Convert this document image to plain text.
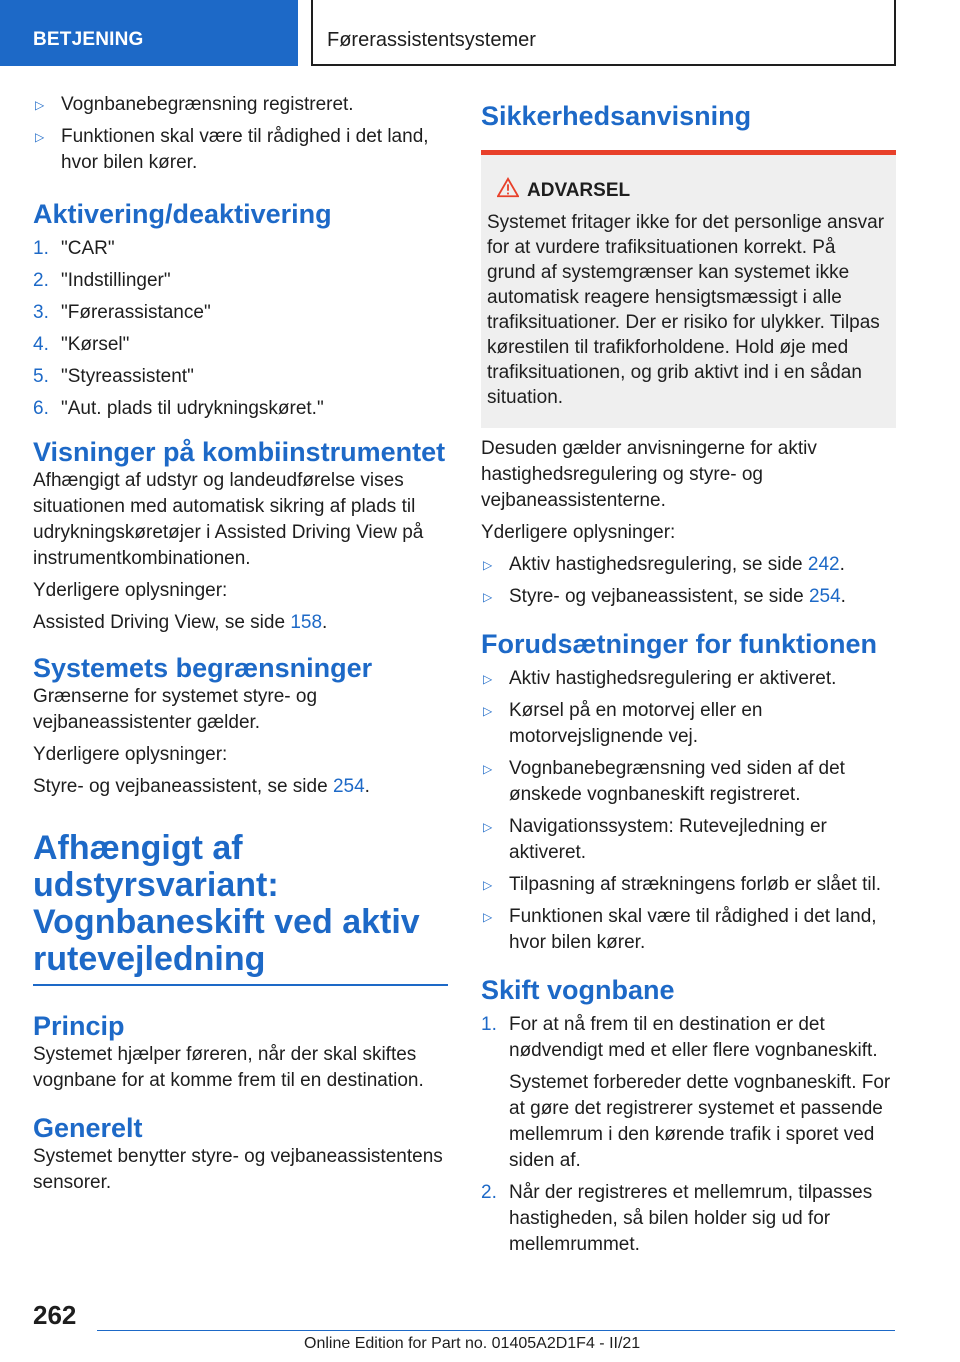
BETJENING	Førerassistentsystemer
▷ Vognbanebegrænsning registreret.
▷ Funktionen skal være til rådighed i det land, hvor bilen kører.
Aktivering/deaktivering
1. "CAR"
2. "Indstillinger"
3. "Førerassistance"
4. "Kørsel"
5. "Styreassistent"
6. "Aut. plads til udrykningskøret."
Visninger på kombiinstrumentet

Afhængigt af udstyr og landeudførelse vises situationen med automatisk sikring af plads til udrykningskøretøjer i Assisted Driving View på instrumentkombinationen.

Yderligere oplysninger:

Assisted Driving View, se side 158.

Systemets begrænsninger

Grænserne for systemet styre- og vejbaneassistenter gælder.

Yderligere oplysninger:

Styre- og vejbaneassistent, se side 254.

Afhængigt af udstyrsvariant: Vognbaneskift ved aktiv rutevejledning
Princip

Systemet hjælper føreren, når der skal skiftes vognbane for at komme frem til en destination.

Generelt

Systemet benytter styre- og vejbaneassistentens sensorer.

Sikkerhedsanvisning
ADVARSEL

Systemet fritager ikke for det personlige ansvar for at vurdere trafiksituationen korrekt. På grund af systemgrænser kan systemet ikke automatisk reagere hensigtsmæssigt i alle trafiksituationer. Der er risiko for ulykker. Tilpas kørestilen til trafikforholdene. Hold øje med trafiksituationen, og grib aktivt ind i en sådan situation.

Desuden gælder anvisningerne for aktiv hastighedsregulering og styre- og vejbaneassistenterne.

Yderligere oplysninger:

▷ Aktiv hastighedsregulering, se side 242.
▷ Styre- og vejbaneassistent, se side 254.
Forudsætninger for funktionen
▷ Aktiv hastighedsregulering er aktiveret.
▷ Kørsel på en motorvej eller en motorvejslignende vej.
▷ Vognbanebegrænsning ved siden af det ønskede vognbaneskift registreret.
▷ Navigationssystem: Rutevejledning er aktiveret.
▷ Tilpasning af strækningens forløb er slået til.
▷ Funktionen skal være til rådighed i det land, hvor bilen kører.
Skift vognbane
1. For at nå frem til en destination er det nødvendigt med et eller flere vognbaneskift.

Systemet forbereder dette vognbaneskift. For at gøre det registrerer systemet et passende mellemrum i den kørende trafik i sporet ved siden af.

2. Når der registreres et mellemrum, tilpasses hastigheden, så bilen holder sig ud for mellemrummet.
262
Online Edition for Part no. 01405A2D1F4 - II/21
